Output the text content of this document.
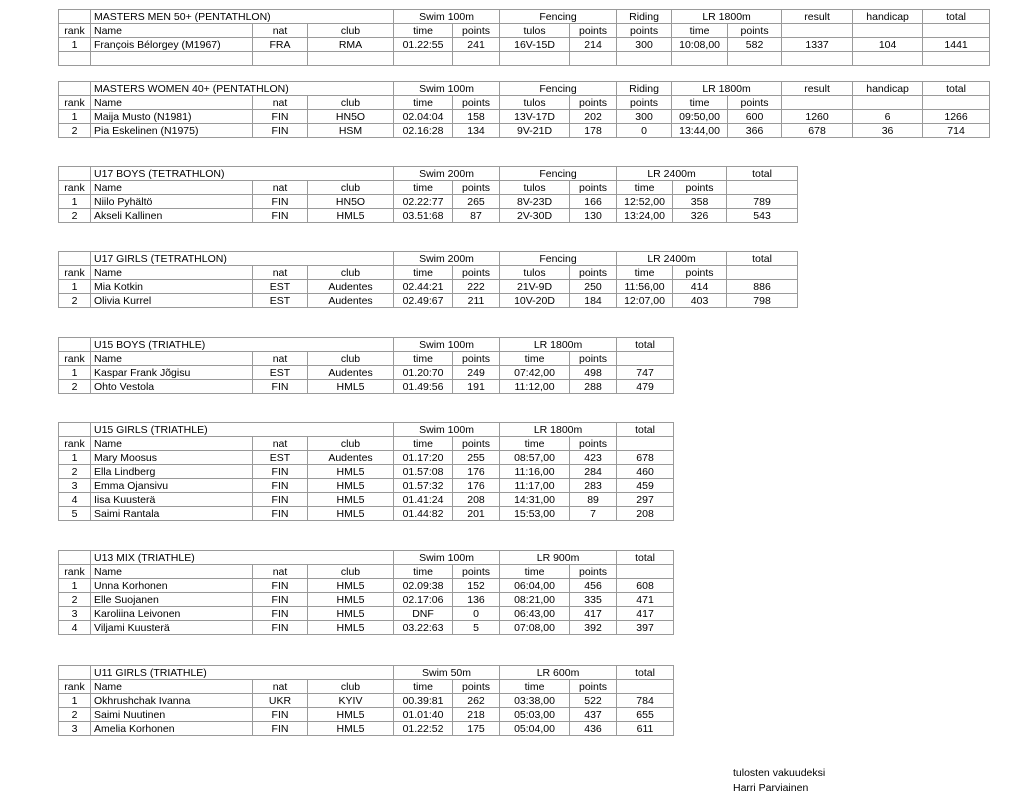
	MASTERS MEN 50+ (PENTATHLON)			Swim 100m		Fencing		Riding	LR 1800m		result	handicap	total
rank	Name	nat	club	time	points	tulos	points	points	time	points			
1	François Bélorgey (M1967)	FRA	RMA	01.22:55	241	16V-15D	214	300	10:08,00	582	1337	104	1441

	MASTERS WOMEN 40+ (PENTATHLON)			Swim 100m		Fencing		Riding	LR 1800m		result	handicap	total
rank	Name	nat	club	time	points	tulos	points	points	time	points			
1	Maija Musto (N1981)	FIN	HN5O	02.04:04	158	13V-17D	202	300	09:50,00	600	1260	6	1266
2	Pia Eskelinen (N1975)	FIN	HSM	02.16:28	134	9V-21D	178	0	13:44,00	366	678	36	714
	U17 BOYS (TETRATHLON)			Swim 200m		Fencing		LR 2400m		total
rank	Name	nat	club	time	points	tulos	points	time	points	
1	Niilo Pyhältö	FIN	HN5O	02.22:77	265	8V-23D	166	12:52,00	358	789
2	Akseli Kallinen	FIN	HML5	03.51:68	87	2V-30D	130	13:24,00	326	543
	U17 GIRLS (TETRATHLON)			Swim 200m		Fencing		LR 2400m		total
rank	Name	nat	club	time	points	tulos	points	time	points	
1	Mia Kotkin	EST	Audentes	02.44:21	222	21V-9D	250	11:56,00	414	886
2	Olivia Kurrel	EST	Audentes	02.49:67	211	10V-20D	184	12:07,00	403	798
	U15 BOYS (TRIATHLE)			Swim 100m		LR 1800m		total
rank	Name	nat	club	time	points	time	points	
1	Kaspar Frank Jõgisu	EST	Audentes	01.20:70	249	07:42,00	498	747
2	Ohto Vestola	FIN	HML5	01.49:56	191	11:12,00	288	479
	U15 GIRLS (TRIATHLE)			Swim 100m		LR 1800m		total
rank	Name	nat	club	time	points	time	points	
1	Mary Moosus	EST	Audentes	01.17:20	255	08:57,00	423	678
2	Ella Lindberg	FIN	HML5	01.57:08	176	11:16,00	284	460
3	Emma Ojansivu	FIN	HML5	01.57:32	176	11:17,00	283	459
4	Iisa Kuusterä	FIN	HML5	01.41:24	208	14:31,00	89	297
5	Saimi Rantala	FIN	HML5	01.44:82	201	15:53,00	7	208
	U13 MIX (TRIATHLE)			Swim 100m		LR 900m		total
rank	Name	nat	club	time	points	time	points	
1	Unna Korhonen	FIN	HML5	02.09:38	152	06:04,00	456	608
2	Elle Suojanen	FIN	HML5	02.17:06	136	08:21,00	335	471
3	Karoliina Leivonen	FIN	HML5	DNF	0	06:43,00	417	417
4	Viljami Kuusterä	FIN	HML5	03.22:63	5	07:08,00	392	397
	U11 GIRLS (TRIATHLE)			Swim 50m		LR 600m		total
rank	Name	nat	club	time	points	time	points	
1	Okhrushchak Ivanna	UKR	KYIV	00.39:81	262	03:38,00	522	784
2	Saimi Nuutinen	FIN	HML5	01.01:40	218	05:03,00	437	655
3	Amelia Korhonen	FIN	HML5	01.22:52	175	05:04,00	436	611
tulosten vakuudeksi
Harri Parviainen
